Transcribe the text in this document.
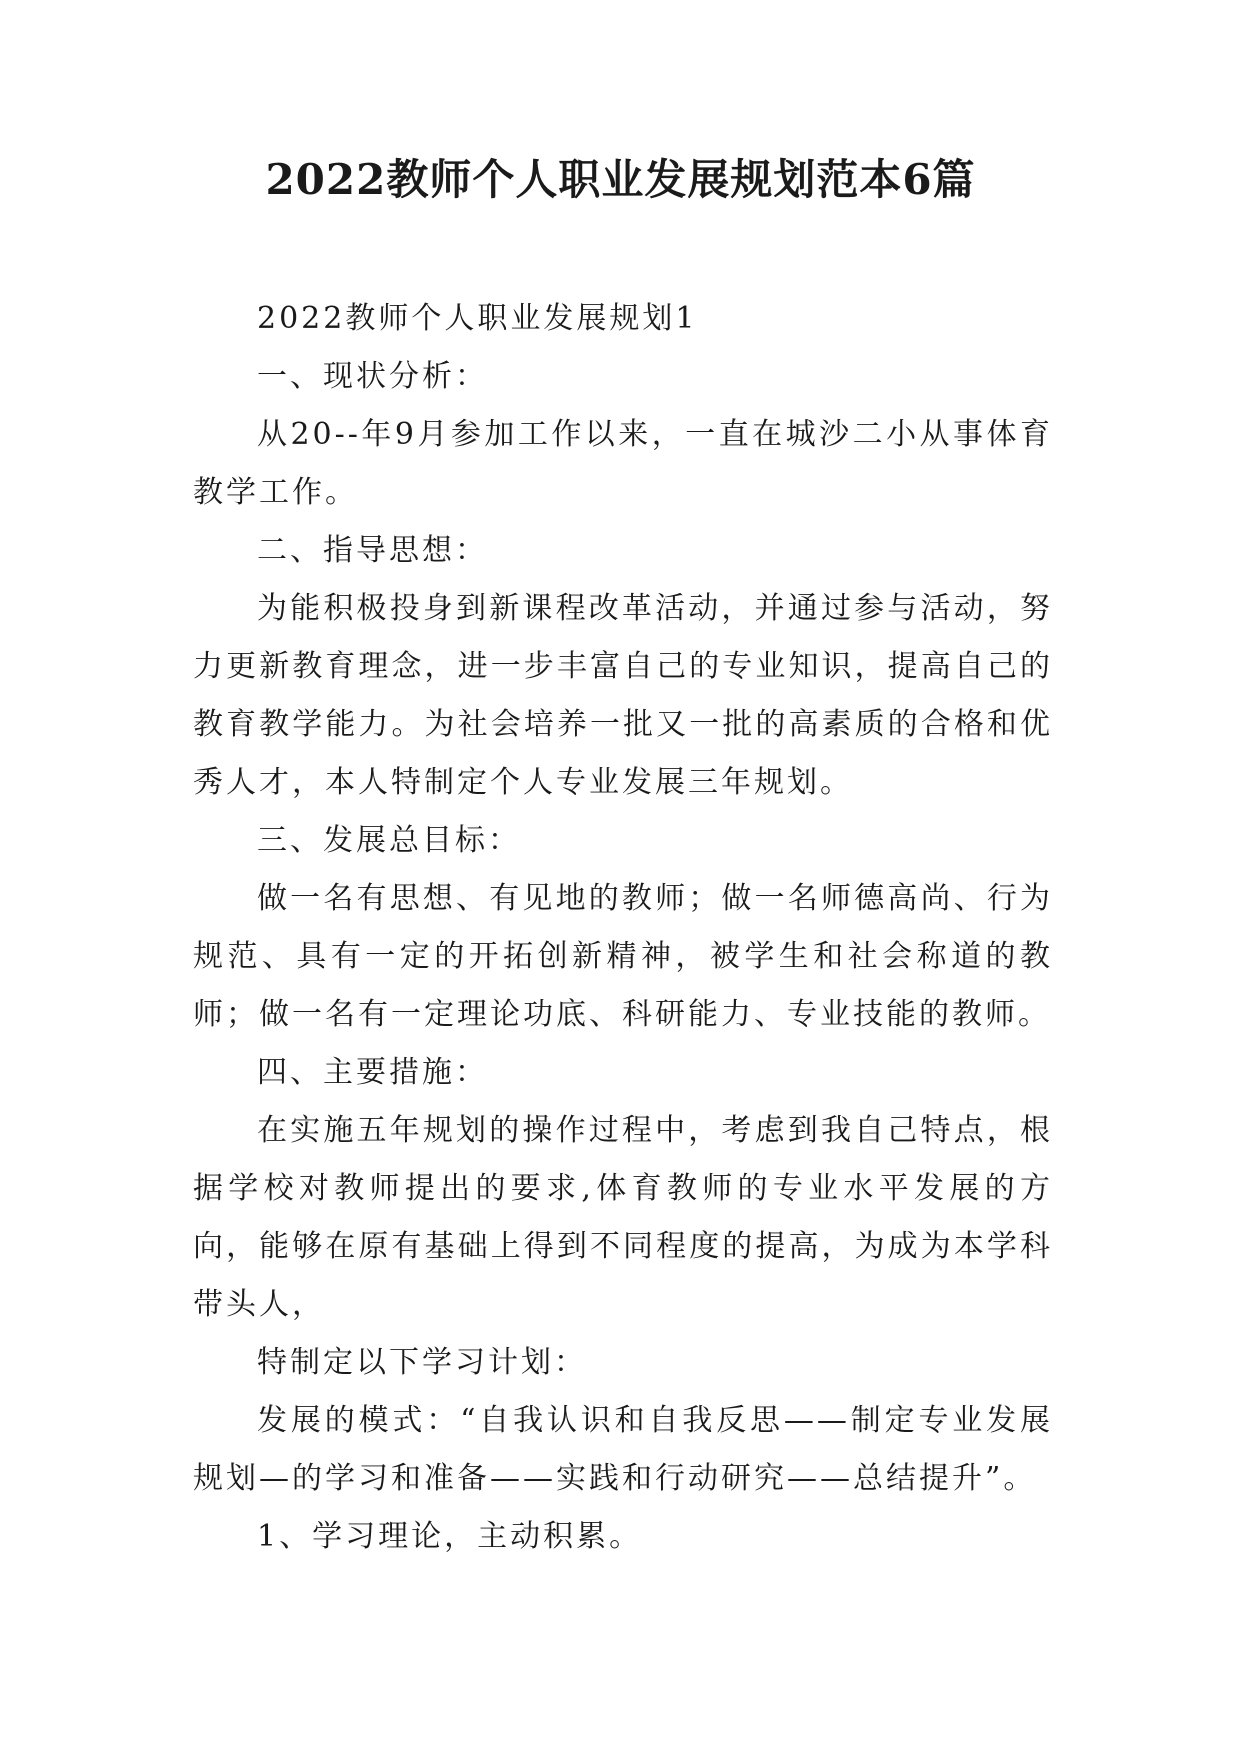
2022教师个人职业发展规划范本6篇

2022教师个人职业发展规划1

一、现状分析：

从20--年9月参加工作以来，一直在城沙二小从事体育教学工作。

二、指导思想：

为能积极投身到新课程改革活动，并通过参与活动，努力更新教育理念，进一步丰富自己的专业知识，提高自己的教育教学能力。为社会培养一批又一批的高素质的合格和优秀人才，本人特制定个人专业发展三年规划。

三、发展总目标：

做一名有思想、有见地的教师；做一名师德高尚、行为规范、具有一定的开拓创新精神，被学生和社会称道的教师；做一名有一定理论功底、科研能力、专业技能的教师。

四、主要措施：

在实施五年规划的操作过程中，考虑到我自己特点，根据学校对教师提出的要求,体育教师的专业水平发展的方向，能够在原有基础上得到不同程度的提高，为成为本学科带头人，

特制定以下学习计划：

发展的模式：“自我认识和自我反思——制定专业发展规划—的学习和准备——实践和行动研究——总结提升”。

1、学习理论，主动积累。
